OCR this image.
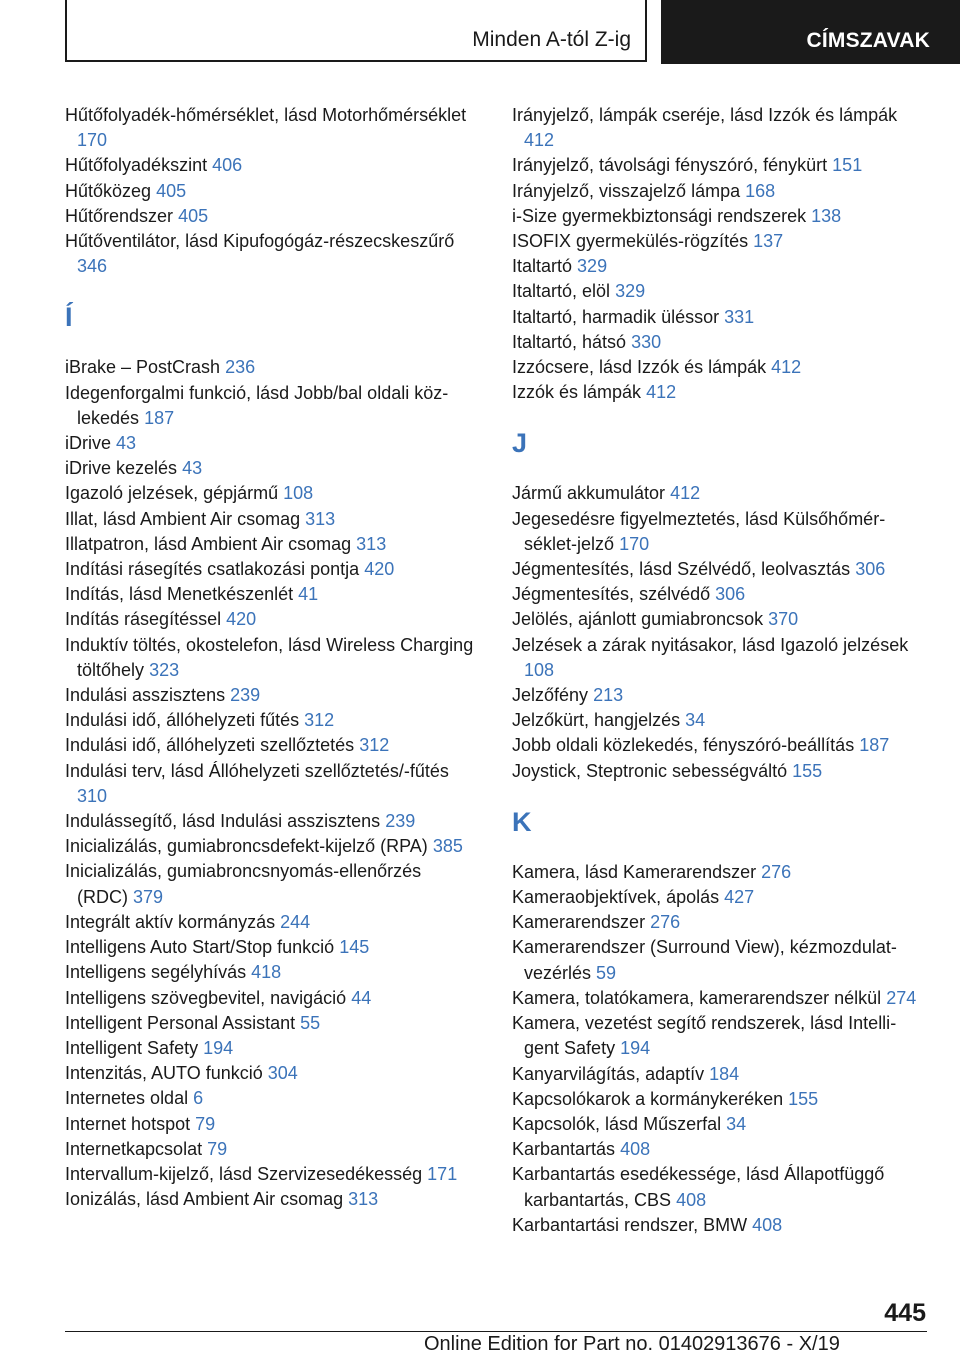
Minden A-tól Z-ig	CÍMSZAVAK
Hűtőfolyadék-hőmérséklet, lásd Motorhőmérséklet 170
Hűtőfolyadékszint 406
Hűtőközeg 405
Hűtőrendszer 405
Hűtőventilátor, lásd Kipufogógáz-részecskeszűrő 346
Í
iBrake – PostCrash 236
Idegenforgalmi funkció, lásd Jobb/bal oldali közlekedés 187
iDrive 43
iDrive kezelés 43
Igazoló jelzések, gépjármű 108
Illat, lásd Ambient Air csomag 313
Illatpatron, lásd Ambient Air csomag 313
Indítási rásegítés csatlakozási pontja 420
Indítás, lásd Menetkészenlét 41
Indítás rásegítéssel 420
Induktív töltés, okostelefon, lásd Wireless Charging töltőhely 323
Indulási asszisztens 239
Indulási idő, állóhelyzeti fűtés 312
Indulási idő, állóhelyzeti szellőztetés 312
Indulási terv, lásd Állóhelyzeti szellőztetés/-fűtés 310
Indulássegítő, lásd Indulási asszisztens 239
Inicializálás, gumiabroncsdefekt-kijelző (RPA) 385
Inicializálás, gumiabroncsnyomás-ellenőrzés (RDC) 379
Integrált aktív kormányzás 244
Intelligens Auto Start/Stop funkció 145
Intelligens segélyhívás 418
Intelligens szövegbevitel, navigáció 44
Intelligent Personal Assistant 55
Intelligent Safety 194
Intenzitás, AUTO funkció 304
Internetes oldal 6
Internet hotspot 79
Internetkapcsolat 79
Intervallum-kijelző, lásd Szervizesedékesség 171
Ionizálás, lásd Ambient Air csomag 313
Irányjelző, lámpák cseréje, lásd Izzók és lámpák 412
Irányjelző, távolsági fényszóró, fénykürt 151
Irányjelző, visszajelző lámpa 168
i-Size gyermekbiztonsági rendszerek 138
ISOFIX gyermekülés-rögzítés 137
Italtartó 329
Italtartó, elöl 329
Italtartó, harmadik üléssor 331
Italtartó, hátsó 330
Izzócsere, lásd Izzók és lámpák 412
Izzók és lámpák 412
J
Jármű akkumulátor 412
Jegesedésre figyelmeztetés, lásd Külsőhőmérséklet-jelző 170
Jégmentesítés, lásd Szélvédő, leolvasztás 306
Jégmentesítés, szélvédő 306
Jelölés, ajánlott gumiabroncsok 370
Jelzések a zárak nyitásakor, lásd Igazoló jelzések 108
Jelzőfény 213
Jelzőkürt, hangjelzés 34
Jobb oldali közlekedés, fényszóró-beállítás 187
Joystick, Steptronic sebességváltó 155
K
Kamera, lásd Kamerarendszer 276
Kameraobjektívek, ápolás 427
Kamerarendszer 276
Kamerarendszer (Surround View), kézmozdulatvezérlés 59
Kamera, tolatókamera, kamerarendszer nélkül 274
Kamera, vezetést segítő rendszerek, lásd Intelligent Safety 194
Kanyarvilágítás, adaptív 184
Kapcsolókarok a kormánykeréken 155
Kapcsolók, lásd Műszerfal 34
Karbantartás 408
Karbantartás esedékessége, lásd Állapotfüggő karbantartás, CBS 408
Karbantartási rendszer, BMW 408
445
Online Edition for Part no. 01402913676 - X/19
